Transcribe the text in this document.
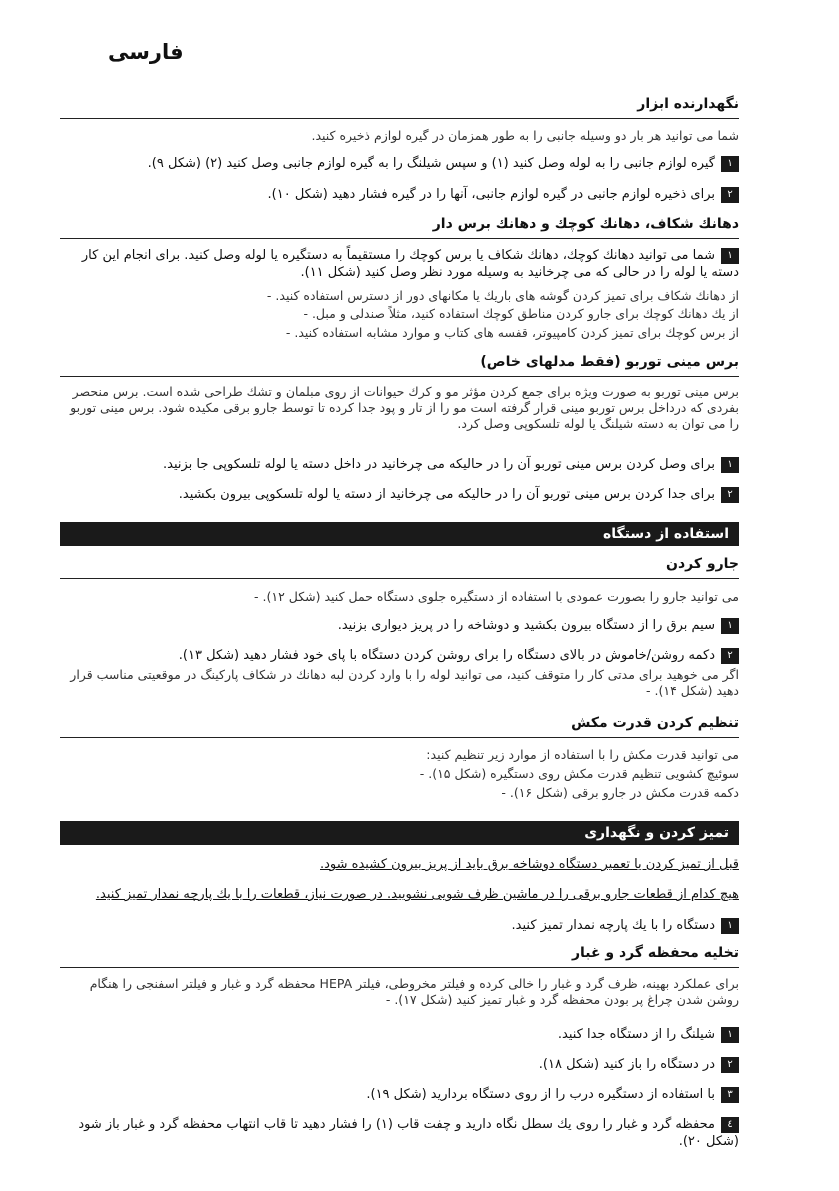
فارسی
نگهدارنده ابزار
شما می توانید هر بار دو وسیله جانبی را به طور همزمان در گیره لوازم ذخیره کنید.
١گیره لوازم جانبی را به لوله وصل کنید (۱) و سپس شیلنگ را به گیره لوازم جانبی وصل کنید (۲) (شکل ۹).
٢برای ذخیره لوازم جانبی در گیره لوازم جانبی، آنها را در گیره فشار دهید (شکل ۱۰).
دهانك شكاف، دهانك كوچك و دهانك برس دار
١شما می توانید دهانك كوچك، دهانك شكاف یا برس كوچك را مستقیماً به دستگیره یا لوله وصل كنید. برای انجام این كار دسته یا لوله را در حالی كه می چرخانید به وسیله مورد نظر وصل كنید (شكل ۱۱).
از دهانك شكاف برای تمیز كردن گوشه های باریك یا مكانهای دور از دسترس استفاده كنید. -
از یك دهانك كوچك برای جارو كردن مناطق كوچك استفاده كنید، مثلاً صندلی و مبل. -
از برس كوچك برای تمیز كردن كامپیوتر، قفسه های كتاب و موارد مشابه استفاده كنید. -
برس مینی توربو (فقط مدلهای خاص)
برس مینی توربو به صورت ویژه برای جمع كردن مؤثر مو و كرك حیوانات از روی مبلمان و تشك طراحی شده است. برس منحصر بفردی كه درداخل برس توربو مینی قرار گرفته است مو را از تار و پود جدا كرده تا توسط جارو برقی مكیده شود. برس مینی توربو را می توان به دسته شیلنگ یا لوله تلسكوپی وصل كرد.
١برای وصل كردن برس مینی توربو آن را در حالیكه می چرخانید در داخل دسته یا لوله تلسكوپی جا بزنید.
٢برای جدا كردن برس مینی توربو آن را در حالیكه می چرخانید از دسته یا لوله تلسكوپی بیرون بكشید.
استفاده از دستگاه
جارو كردن
می توانید جارو را بصورت عمودی با استفاده از دستگیره جلوی دستگاه حمل كنید (شكل ۱۲). -
١سیم برق را از دستگاه بیرون بكشید و دوشاخه را در پریز دیواری بزنید.
٢دكمه روشن/خاموش در بالای دستگاه را برای روشن كردن دستگاه با پای خود فشار دهید (شكل ۱۳).
اگر می خوهید برای مدتی كار را متوقف كنید، می توانید لوله را با وارد كردن لبه دهانك در شكاف پاركینگ در موقعیتی مناسب قرار دهید (شكل ۱۴). -
تنظیم كردن قدرت مكش
می توانید قدرت مكش را با استفاده از موارد زیر تنظیم كنید:
سوئیچ كشویی تنظیم قدرت مكش روی دستگیره (شكل ۱۵). -
دكمه قدرت مكش در جارو برقی (شكل ۱۶). -
تمیز كردن و نگهداری
قبل از تمیز كردن یا تعمیر دستگاه دوشاخه برق باید از پریز بیرون كشیده شود.
هیچ كدام از قطعات جارو برقی را در ماشین ظرف شویی نشویید. در صورت نیاز، قطعات را با یك پارچه نمدار تمیز كنید.
١دستگاه را با یك پارچه نمدار تمیز كنید.
تخلیه محفظه گرد و غبار
برای عملكرد بهینه، ظرف گرد و غبار را خالی كرده و فیلتر مخروطی، فیلتر HEPA محفظه گرد و غبار و فیلتر اسفنجی را هنگام روشن شدن چراغ پر بودن محفظه گرد و غبار تمیز كنید (شكل ۱۷). -
١شیلنگ را از دستگاه جدا كنید.
٢در دستگاه را باز كنید (شكل ۱۸).
٣با استفاده از دستگیره درب را از روی دستگاه بردارید (شكل ۱۹).
٤محفظه گرد و غبار را روی یك سطل نگاه دارید و چفت قاب (۱) را فشار دهید تا قاب انتهاب محفظه گرد و غبار باز شود (شكل ۲۰).
